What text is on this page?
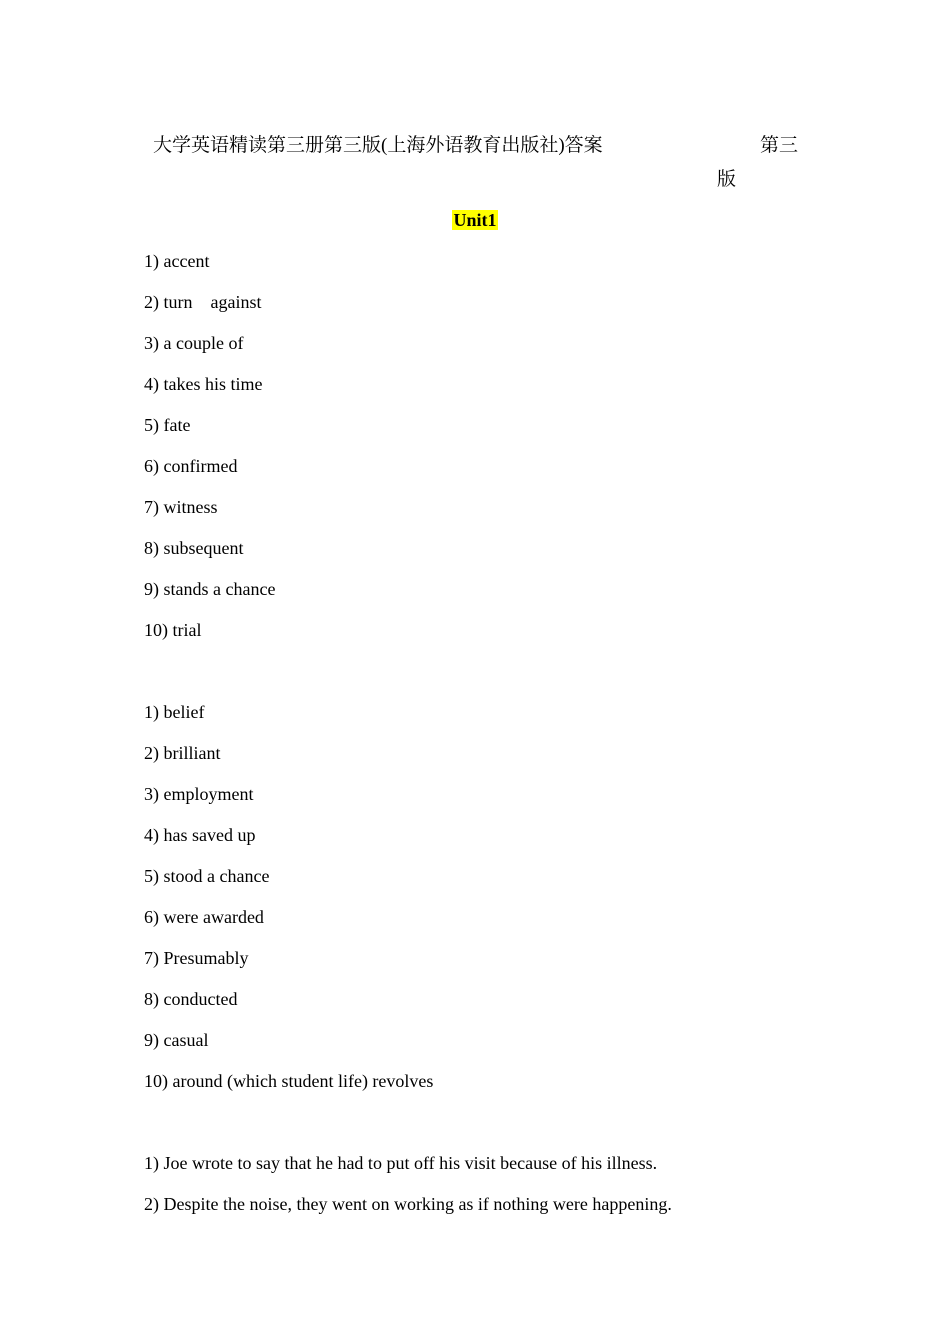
大学英语精读第三册第三版(上海外语教育出版社)答案	第三
版
Unit1
1) accent
2) turn    against
3) a couple of
4) takes his time
5) fate
6) confirmed
7) witness
8) subsequent
9) stands a chance
10) trial
1) belief
2) brilliant
3) employment
4) has saved up
5) stood a chance
6) were awarded
7) Presumably
8) conducted
9) casual
10) around (which student life) revolves
1) Joe wrote to say that he had to put off his visit because of his illness.
2) Despite the noise, they went on working as if nothing were happening.
